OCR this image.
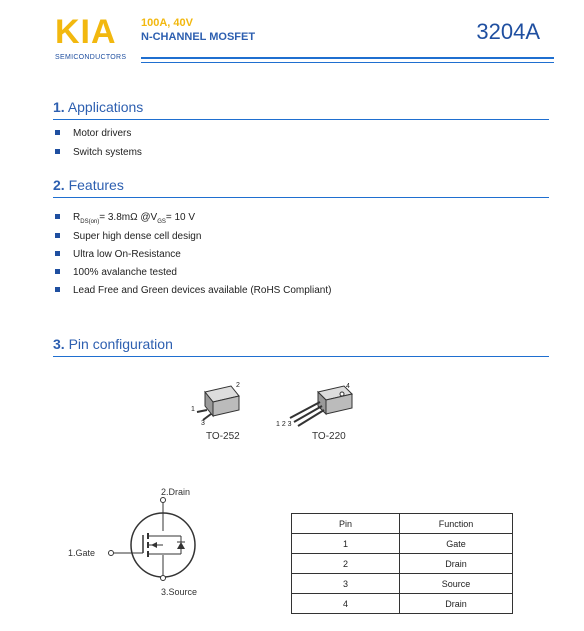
KIA
SEMICONDUCTORS
100A, 40V
N-CHANNEL MOSFET	3204A
1. Applications
Motor drivers
Switch systems
2. Features
$R_{DS(on)}= 3.8m\Omega$ $@V_{GS}= 10$ V
Super high dense cell design
Ultra low On-Resistance
100% avalanche tested
Lead Free and Green devices available (RoHS Compliant)
3. Pin configuration
2
1
3
TO-252
4
1 2 3
TO-220
2.Drain
1.Gate
3.Source
Pin	Function
1	Gate
2	Drain
3	Source
4	Drain
